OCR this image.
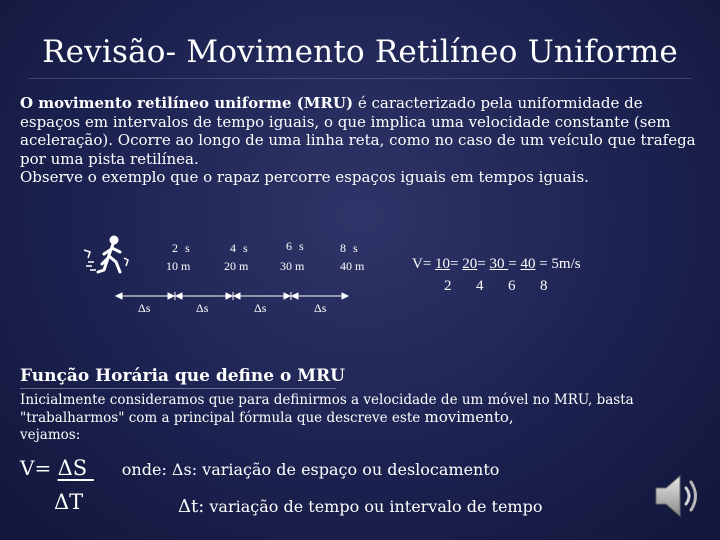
Revisão- Movimento Retilíneo Uniforme
O movimento retilíneo uniforme (MRU) é caracterizado pela uniformidade de espaços em intervalos de tempo iguais, o que implica uma velocidade constante (sem aceleração). Ocorre ao longo de uma linha reta, como no caso de um veículo que trafega por uma pista retilínea.
Observe o exemplo que o rapaz percorre espaços iguais em tempos iguais.
2 s	4 s	6 s	8 s
10 m	20 m	30 m	40 m
Δs	Δs	Δs	Δs
V= 10= 20= 30 = 40 = 5m/s
2 4 6 8
Função Horária que define o MRU
Inicialmente consideramos que para definirmos a velocidade de um móvel no MRU, basta "trabalharmos" com a principal fórmula que descreve este movimento,
vejamos:
V= ΔS onde: Δs: variação de espaço ou deslocamento
ΔT	Δt: variação de tempo ou intervalo de tempo
